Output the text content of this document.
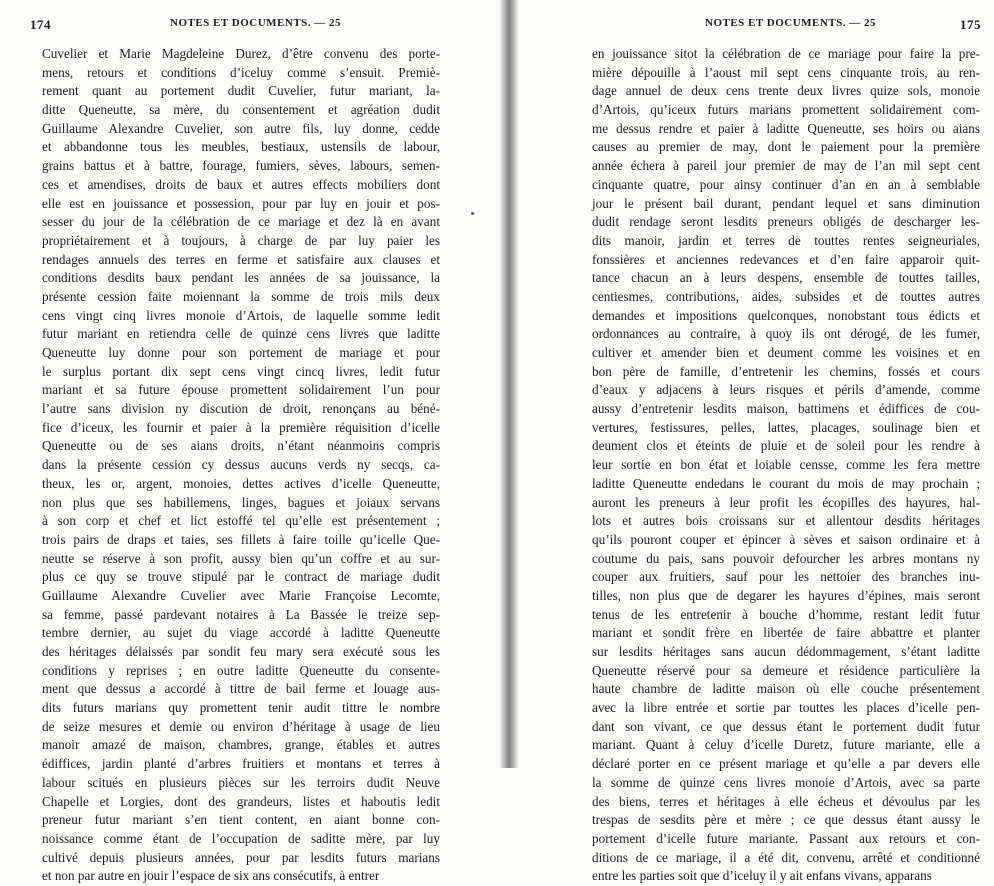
174	NOTES ET DOCUMENTS. — 25
Cuvelier et Marie Magdeleine Durez, d’être convenu des porte-
mens, retours et conditions d’iceluy comme s’ensuit. Premiè-
rement quant au portement dudit Cuvelier, futur mariant, la-
ditte Queneutte, sa mère, du consentement et agréation dudit
Guillaume Alexandre Cuvelier, son autre fils, luy donne, cedde
et abbandonne tous les meubles, bestiaux, ustensils de labour,
grains battus et à battre, fourage, fumiers, sèves, labours, semen-
ces et amendises, droits de baux et autres effects mobiliers dont
elle est en jouissance et possession, pour par luy en jouir et pos-
sesser du jour de la célébration de ce mariage et dez là en avant
propriétairement et à toujours, à charge de par luy paier les
rendages annuels des terres en ferme et satisfaire aux clauses et
conditions desdits baux pendant les années de sa jouissance, la
présente cession faite moiennant la somme de trois mils deux
cens vingt cinq livres monoie d’Artois, de laquelle somme ledit
futur mariant en retiendra celle de quinze cens livres que laditte
Queneutte luy donne pour son portement de mariage et pour
le surplus portant dix sept cens vingt cincq livres, ledit futur
mariant et sa future épouse promettent solidairement l’un pour
l’autre sans division ny discution de droit, renonçans au béné-
fice d’iceux, les fournir et paier à la première réquisition d’icelle
Queneutte ou de ses aians droits, n’étant néanmoins compris
dans la présente cession cy dessus aucuns verds ny secqs, ca-
theux, les or, argent, monoies, dettes actives d’icelle Queneutte,
non plus que ses habillemens, linges, bagues et joiaux servans
à son corp et chef et lict estoffé tel qu’elle est présentement ;
trois pairs de draps et taies, ses fillets à faire toille qu’icelle Que-
neutte se réserve à son profit, aussy bien qu’un coffre et au sur-
plus ce quy se trouve stipulé par le contract de mariage dudit
Guillaume Alexandre Cuvelier avec Marie Françoise Lecomte,
sa femme, passé pardevant notaires à La Bassée le treize sep-
tembre dernier, au sujet du viage accordé à laditte Queneutte
des héritages délaissés par sondit feu mary sera exécuté sous les
conditions y reprises ; en outre laditte Queneutte du consente-
ment que dessus a accordé à tittre de bail ferme et louage aus-
dits futurs marians quy promettent tenir audit tittre le nombre
de seize mesures et demie ou environ d’héritage à usage de lieu
manoir amazé de maison, chambres, grange, étables et autres
édiffices, jardin planté d’arbres fruitiers et montans et terres à
labour scitués en plusieurs pièces sur les terroirs dudit Neuve
Chapelle et Lorgies, dont des grandeurs, listes et haboutis ledit
preneur futur mariant s’en tient content, en aiant bonne con-
noissance comme étant de l’occupation de saditte mère, par luy
cultivé depuis plusieurs années, pour par lesdits futurs marians
et non par autre en jouir l’espace de six ans consécutifs, à entrer
NOTES ET DOCUMENTS. — 25	175
en jouissance sitot la célébration de ce mariage pour faire la pre-
mière dépouille à l’aoust mil sept cens cinquante trois, au ren-
dage annuel de deux cens trente deux livres quize sols, monoie
d’Artois, qu’iceux futurs marians promettent solidairement com-
me dessus rendre et paier à laditte Queneutte, ses hoirs ou aians
causes au premier de may, dont le paiement pour la première
année échera à pareil jour premier de may de l’an mil sept cent
cinquante quatre, pour ainsy continuer d’an en an à semblable
jour le présent bail durant, pendant lequel et sans diminution
dudit rendage seront lesdits preneurs obligés de descharger les-
dits manoir, jardin et terres de touttes rentes seigneuriales,
fonssières et anciennes redevances et d’en faire apparoir quit-
tance chacun an à leurs despens, ensemble de touttes tailles,
centiesmes, contributions, aides, subsides et de touttes autres
demandes et impositions quelconques, nonobstant tous édicts et
ordonnances au contraire, à quoy ils ont dérogé, de les fumer,
cultiver et amender bien et deument comme les voisines et en
bon père de famille, d’entretenir les chemins, fossés et cours
d’eaux y adjacens à leurs risques et périls d’amende, comme
aussy d’entretenir lesdits maison, battimens et édiffices de cou-
vertures, festissures, pelles, lattes, placages, soulinage bien et
deument clos et éteints de pluie et de soleil pour les rendre à
leur sortie en bon état et loiable censse, comme les fera mettre
laditte Queneutte endedans le courant du mois de may prochain ;
auront les preneurs à leur profit les écopilles des hayures, hal-
lots et autres bois croissans sur et allentour desdits héritages
qu’ils pouront couper et épincer à sèves et saison ordinaire et à
coutume du pais, sans pouvoir defourcher les arbres montans ny
couper aux fruitiers, sauf pour les nettoier des branches inu-
tilles, non plus que de degarer les hayures d’épines, mais seront
tenus de les entretenir à bouche d’homme, restant ledit futur
mariant et sondit frère en libertée de faire abbattre et planter
sur lesdits héritages sans aucun dédommagement, s’étant laditte
Queneutte réservé pour sa demeure et résidence particulière la
haute chambre de laditte maison où elle couche présentement
avec la libre entrée et sortie par touttes les places d’icelle pen-
dant son vivant, ce que dessus étant le portement dudit futur
mariant. Quant à celuy d’icelle Duretz, future mariante, elle a
déclaré porter en ce présent mariage et qu’elle a par devers elle
la somme de quinze cens livres monoie d’Artois, avec sa parte
des biens, terres et héritages à elle écheus et dévoulus par les
trespas de sesdits père et mère ; ce que dessus étant aussy le
portement d’icelle future mariante. Passant aux retours et con-
ditions de ce mariage, il a été dit, convenu, arrêté et conditionné
entre les parties soit que d’iceluy il y ait enfans vivans, apparans
